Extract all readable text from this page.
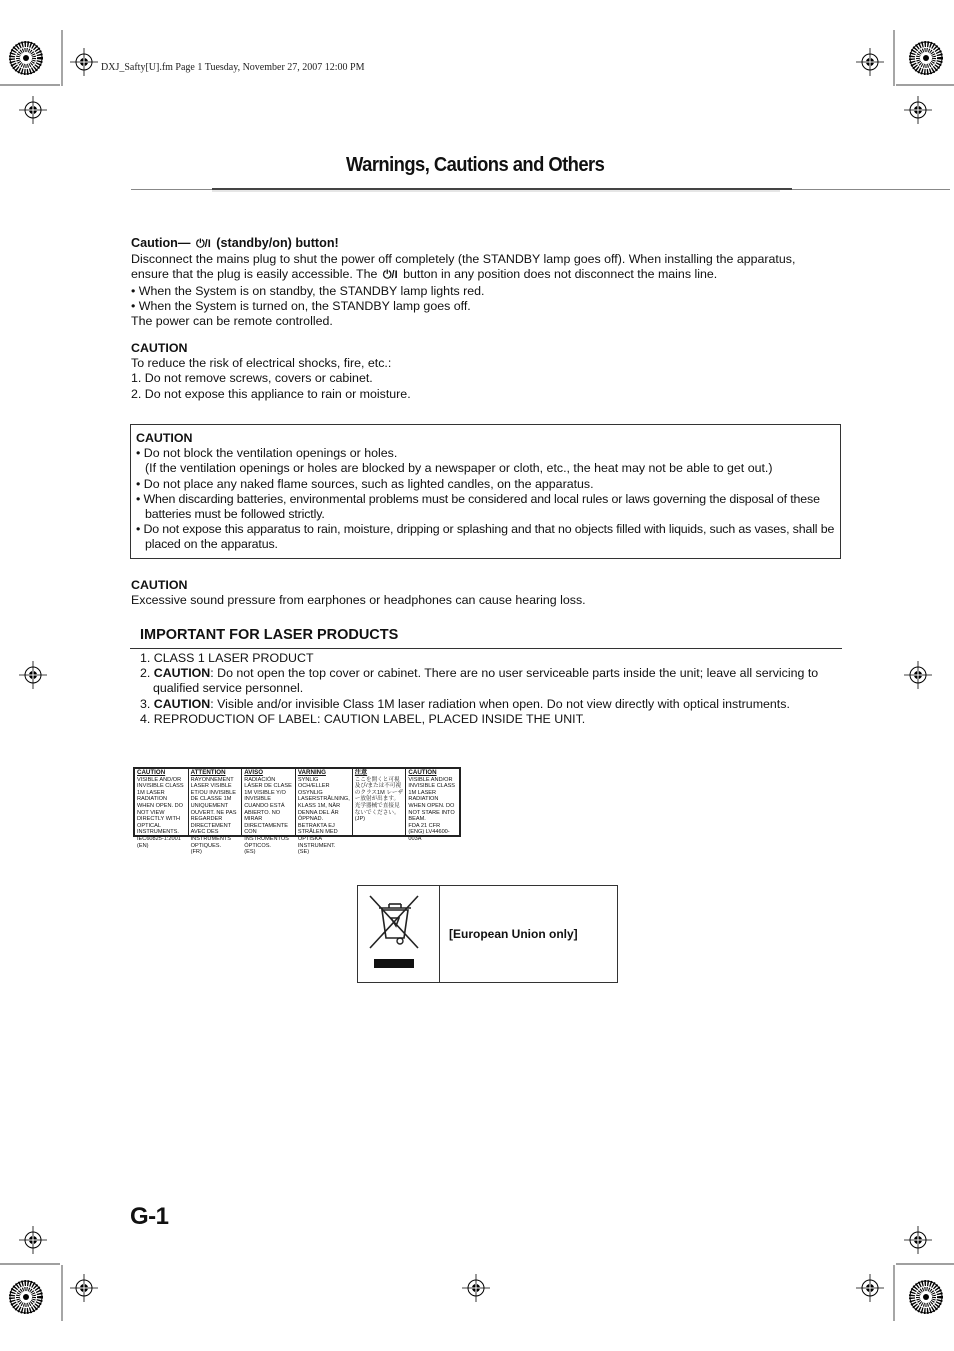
DXJ_Safty[U].fm Page 1 Tuesday, November 27, 2007 12:00 PM
Warnings, Cautions and Others
Caution— ⏻/I (standby/on) button!
Disconnect the mains plug to shut the power off completely (the STANDBY lamp goes off). When installing the apparatus,
ensure that the plug is easily accessible. The ⏻/I button in any position does not disconnect the mains line.
• When the System is on standby, the STANDBY lamp lights red.
• When the System is turned on, the STANDBY lamp goes off.
The power can be remote controlled.
CAUTION
To reduce the risk of electrical shocks, fire, etc.:
1. Do not remove screws, covers or cabinet.
2. Do not expose this appliance to rain or moisture.
CAUTION
• Do not block the ventilation openings or holes.
(If the ventilation openings or holes are blocked by a newspaper or cloth, etc., the heat may not be able to get out.)
• Do not place any naked flame sources, such as lighted candles, on the apparatus.
• When discarding batteries, environmental problems must be considered and local rules or laws governing the disposal of these batteries must be followed strictly.
• Do not expose this apparatus to rain, moisture, dripping or splashing and that no objects filled with liquids, such as vases, shall be placed on the apparatus.
CAUTION
Excessive sound pressure from earphones or headphones can cause hearing loss.
IMPORTANT FOR LASER PRODUCTS
1. CLASS 1 LASER PRODUCT
2. CAUTION: Do not open the top cover or cabinet. There are no user serviceable parts inside the unit; leave all servicing to qualified service personnel.
3. CAUTION: Visible and/or invisible Class 1M laser radiation when open. Do not view directly with optical instruments.
4. REPRODUCTION OF LABEL: CAUTION LABEL, PLACED INSIDE THE UNIT.
CAUTION
VISIBLE AND/OR INVISIBLE CLASS 1M LASER RADIATION WHEN OPEN. DO NOT VIEW DIRECTLY WITH OPTICAL INSTRUMENTS.
IEC60825-1:2001 (EN)
ATTENTION
RAYONNEMENT LASER VISIBLE ET/OU INVISIBLE DE CLASSE 1M UNIQUEMENT OUVERT. NE PAS REGARDER DIRECTEMENT AVEC DES INSTRUMENTS OPTIQUES.
(FR)
AVISO
RADIACIÓN LÁSER DE CLASE 1M VISIBLE Y/O INVISIBLE CUANDO ESTÁ ABIERTO. NO MIRAR DIRECTAMENTE CON INSTRUMENTOS ÓPTICOS.
(ES)
VARNING
SYNLIG OCH/ELLER OSYNLIG LASERSTRÅLNING, KLASS 1M, NÄR DENNA DEL ÄR ÖPPNAD. BETRAKTA EJ STRÅLEN MED OPTISKA INSTRUMENT.
(SE)
注意
ここを開くと可視及び/または不可視のクラス1M レーザー放射が出ます。光学器械で直接見ないでください。
(JP)
CAUTION
VISIBLE AND/OR INVISIBLE CLASS 1M LASER RADIATION WHEN OPEN. DO NOT STARE INTO BEAM.
FDA 21 CFR (ENG) LV44600-003A
[European Union only]
G-1
